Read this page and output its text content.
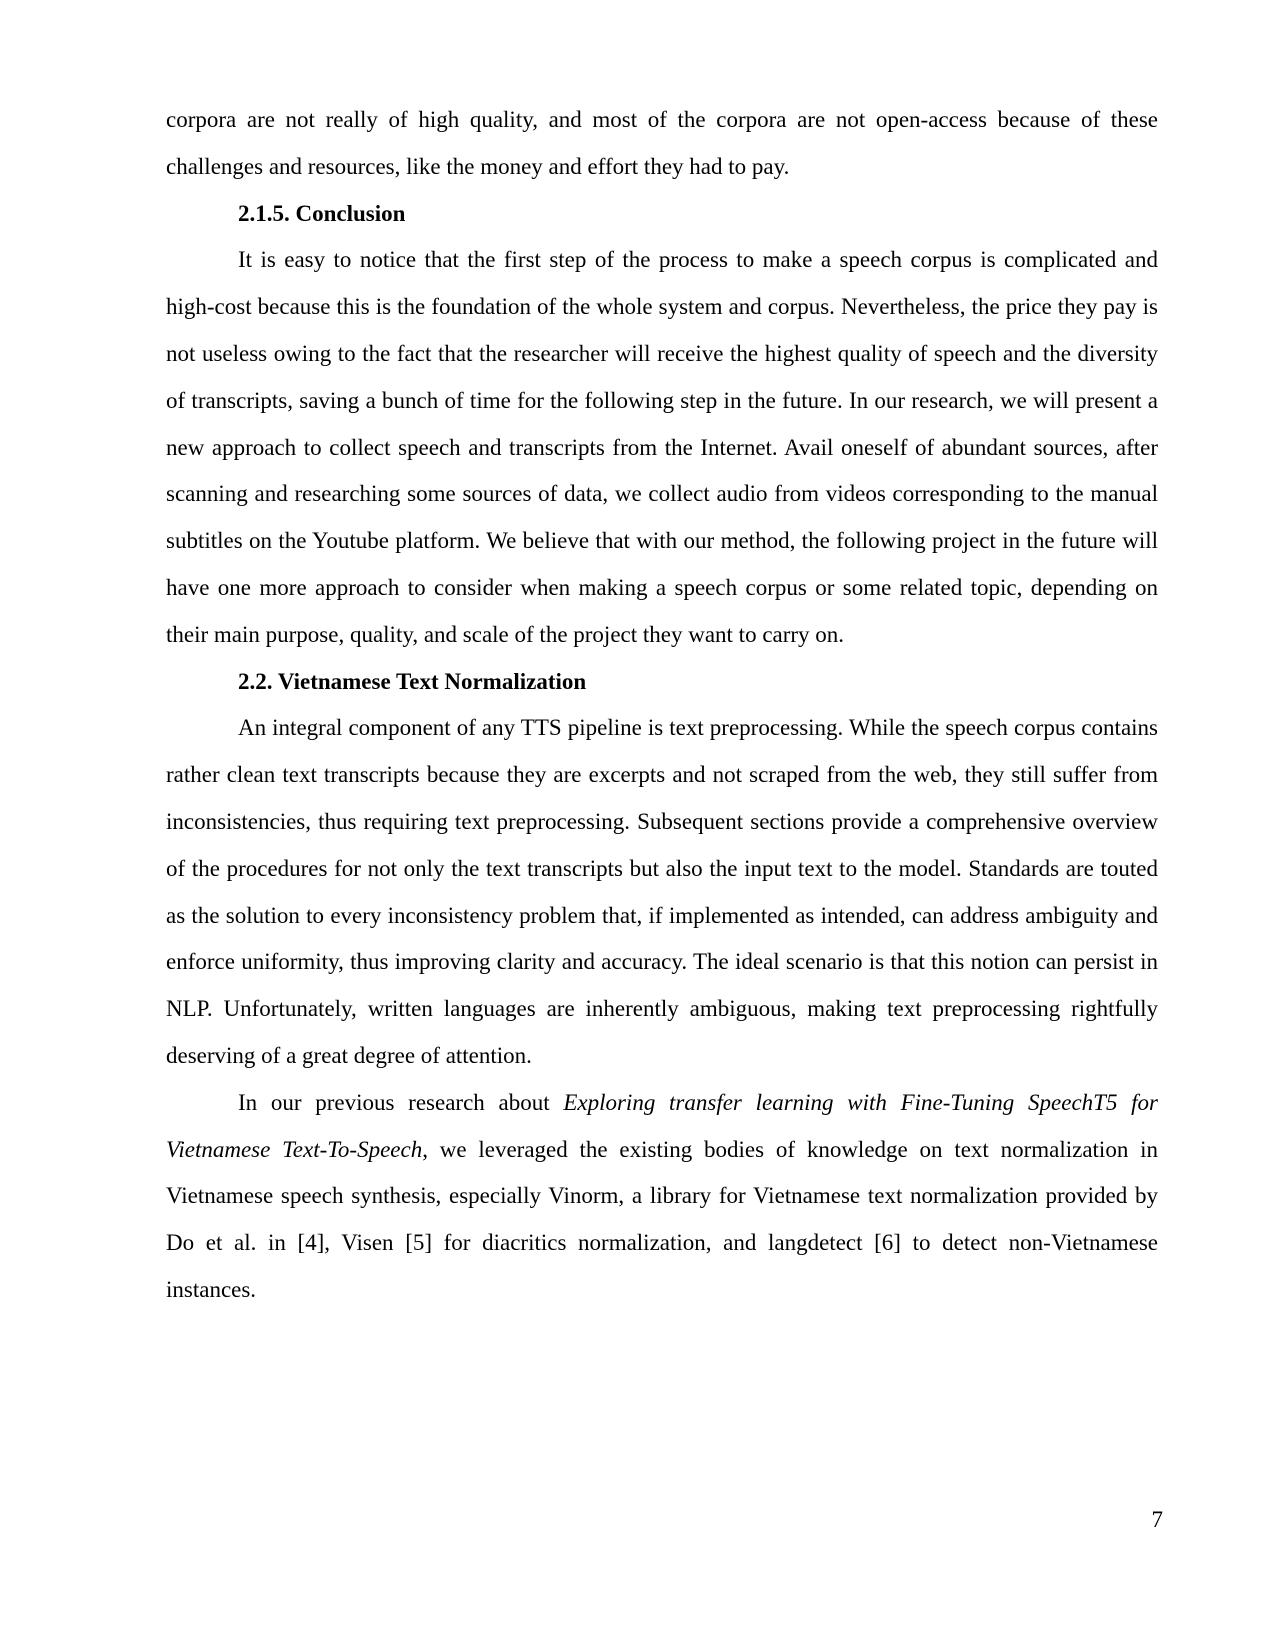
corpora are not really of high quality, and most of the corpora are not open-access because of these challenges and resources, like the money and effort they had to pay.

2.1.5. Conclusion

It is easy to notice that the first step of the process to make a speech corpus is complicated and high-cost because this is the foundation of the whole system and corpus. Nevertheless, the price they pay is not useless owing to the fact that the researcher will receive the highest quality of speech and the diversity of transcripts, saving a bunch of time for the following step in the future. In our research, we will present a new approach to collect speech and transcripts from the Internet. Avail oneself of abundant sources, after scanning and researching some sources of data, we collect audio from videos corresponding to the manual subtitles on the Youtube platform. We believe that with our method, the following project in the future will have one more approach to consider when making a speech corpus or some related topic, depending on their main purpose, quality, and scale of the project they want to carry on.

2.2. Vietnamese Text Normalization

An integral component of any TTS pipeline is text preprocessing. While the speech corpus contains rather clean text transcripts because they are excerpts and not scraped from the web, they still suffer from inconsistencies, thus requiring text preprocessing. Subsequent sections provide a comprehensive overview of the procedures for not only the text transcripts but also the input text to the model. Standards are touted as the solution to every inconsistency problem that, if implemented as intended, can address ambiguity and enforce uniformity, thus improving clarity and accuracy. The ideal scenario is that this notion can persist in NLP. Unfortunately, written languages are inherently ambiguous, making text preprocessing rightfully deserving of a great degree of attention.

In our previous research about Exploring transfer learning with Fine-Tuning SpeechT5 for Vietnamese Text-To-Speech, we leveraged the existing bodies of knowledge on text normalization in Vietnamese speech synthesis, especially Vinorm, a library for Vietnamese text normalization provided by Do et al. in [4], Visen [5] for diacritics normalization, and langdetect [6] to detect non-Vietnamese instances.

7
